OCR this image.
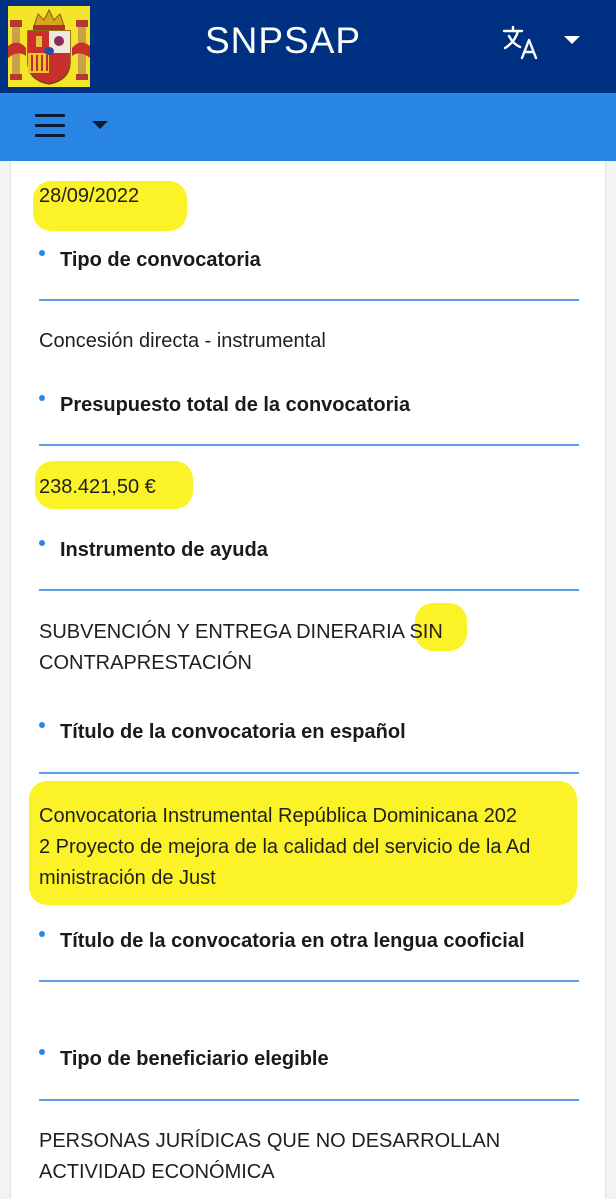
SNPSAP
28/09/2022
Tipo de convocatoria
Concesión directa - instrumental
Presupuesto total de la convocatoria
238.421,50 €
Instrumento de ayuda
SUBVENCIÓN Y ENTREGA DINERARIA SIN
CONTRAPRESTACIÓN
Título de la convocatoria en español
Convocatoria Instrumental República Dominicana 202
2 Proyecto de mejora de la calidad del servicio de la Ad
ministración de Just
Título de la convocatoria en otra lengua cooficial
Tipo de beneficiario elegible
PERSONAS JURÍDICAS QUE NO DESARROLLAN
ACTIVIDAD ECONÓMICA
